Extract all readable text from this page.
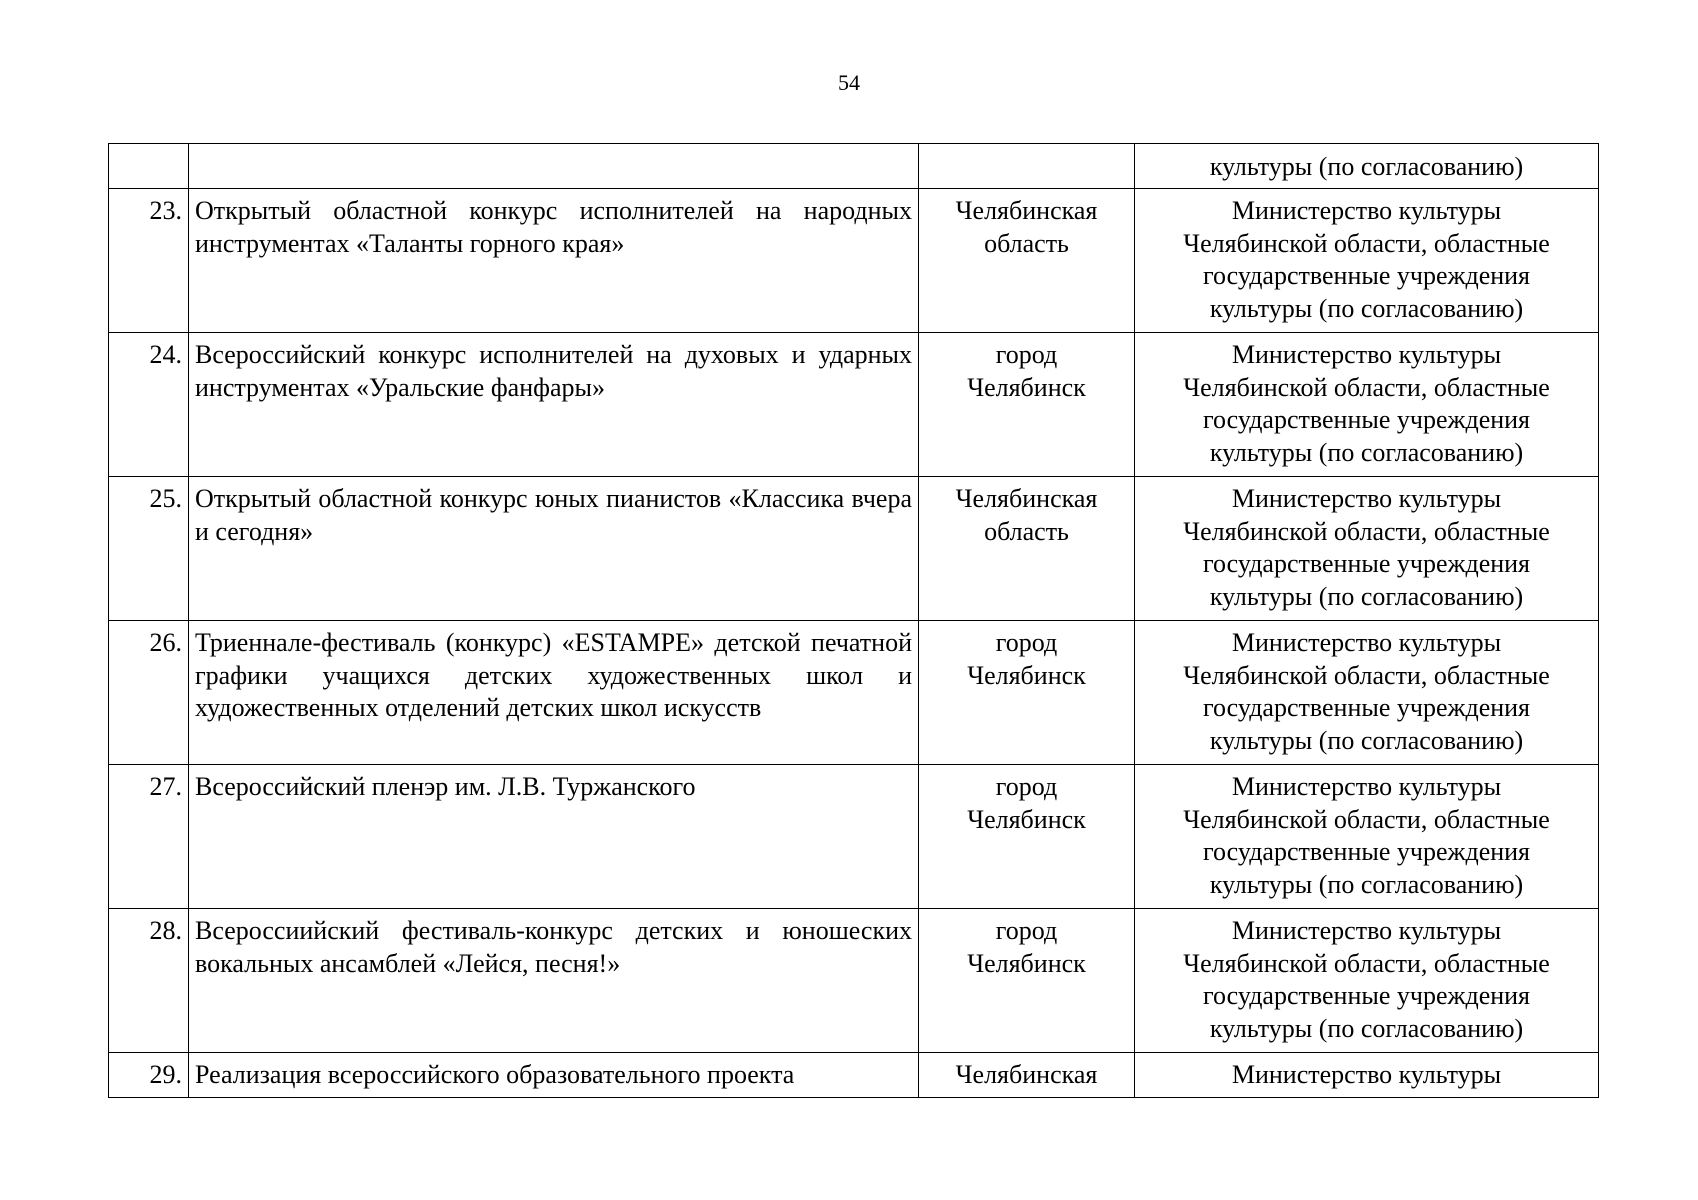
54

			культуры (по согласованию)

23.	Открытый областной конкурс исполнителей на народных инструментах «Таланты горного края»	Челябинская
область	Министерство культуры
Челябинской области, областные
государственные учреждения
культуры (по согласованию)

24.	Всероссийский конкурс исполнителей на духовых и ударных инструментах «Уральские фанфары»	город
Челябинск	Министерство культуры
Челябинской области, областные
государственные учреждения
культуры (по согласованию)

25.	Открытый областной конкурс юных пианистов «Классика вчера и сегодня»	Челябинская
область	Министерство культуры
Челябинской области, областные
государственные учреждения
культуры (по согласованию)

26.	Триеннале-фестиваль (конкурс) «ESTAMPE» детской печатной графики учащихся детских художественных школ и художественных отделений детских школ искусств	город
Челябинск	Министерство культуры
Челябинской области, областные
государственные учреждения
культуры (по согласованию)

27.	Всероссийский пленэр им. Л.В. Туржанского	город
Челябинск	Министерство культуры
Челябинской области, областные
государственные учреждения
культуры (по согласованию)

28.	Всероссиийский фестиваль-конкурс детских и юношеских вокальных ансамблей «Лейся, песня!»	город
Челябинск	Министерство культуры
Челябинской области, областные
государственные учреждения
культуры (по согласованию)

29.	Реализация всероссийского образовательного проекта	Челябинская	Министерство культуры
